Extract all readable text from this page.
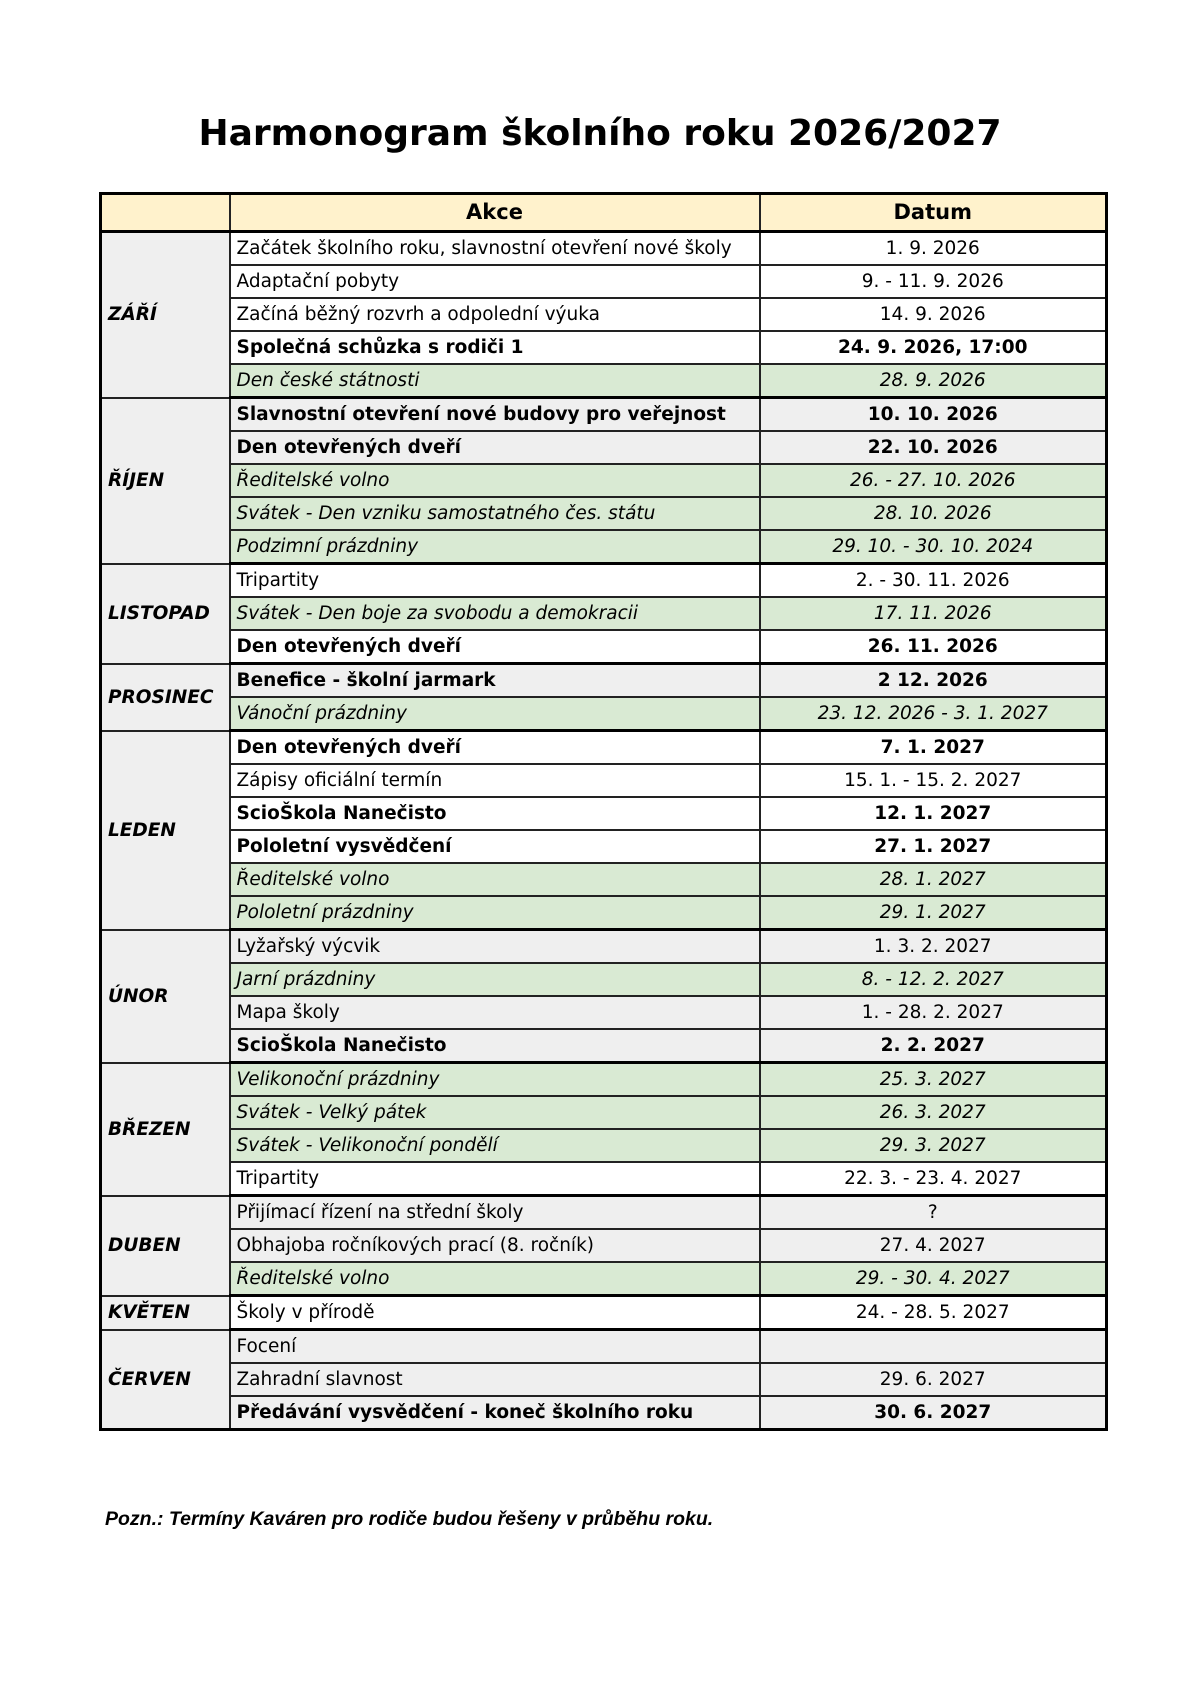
Harmonogram školního roku 2026/2027
	Akce	Datum
ZÁŘÍ	Začátek školního roku, slavnostní otevření nové školy	1. 9. 2026
	Adaptační pobyty	9. - 11. 9. 2026
	Začíná běžný rozvrh a odpolední výuka	14. 9. 2026
	Společná schůzka s rodiči 1	24. 9. 2026, 17:00
	Den české státnosti	28. 9. 2026
ŘÍJEN	Slavnostní otevření nové budovy pro veřejnost	10. 10. 2026
	Den otevřených dveří	22. 10. 2026
	Ředitelské volno	26. - 27. 10. 2026
	Svátek - Den vzniku samostatného čes. státu	28. 10. 2026
	Podzimní prázdniny	29. 10. - 30. 10. 2024
LISTOPAD	Tripartity	2. - 30. 11. 2026
	Svátek - Den boje za svobodu a demokracii	17. 11. 2026
	Den otevřených dveří	26. 11. 2026
PROSINEC	Benefice - školní jarmark	2 12. 2026
	Vánoční prázdniny	23. 12. 2026 - 3. 1. 2027
LEDEN	Den otevřených dveří	7. 1. 2027
	Zápisy oficiální termín	15. 1. - 15. 2. 2027
	ScioŠkola Nanečisto	12. 1. 2027
	Pololetní vysvědčení	27. 1. 2027
	Ředitelské volno	28. 1. 2027
	Pololetní prázdniny	29. 1. 2027
ÚNOR	Lyžařský výcvik	1. 3. 2. 2027
	Jarní prázdniny	8. - 12. 2. 2027
	Mapa školy	1. - 28. 2. 2027
	ScioŠkola Nanečisto	2. 2. 2027
BŘEZEN	Velikonoční prázdniny	25. 3. 2027
	Svátek - Velký pátek	26. 3. 2027
	Svátek - Velikonoční pondělí	29. 3. 2027
	Tripartity	22. 3. - 23. 4. 2027
DUBEN	Přijímací řízení na střední školy	?
	Obhajoba ročníkových prací (8. ročník)	27. 4. 2027
	Ředitelské volno	29. - 30. 4. 2027
KVĚTEN	Školy v přírodě	24. - 28. 5. 2027
ČERVEN	Focení	
	Zahradní slavnost	29. 6. 2027
	Předávání vysvědčení - koneč školního roku	30. 6. 2027
Pozn.: Termíny Kaváren pro rodiče budou řešeny v průběhu roku.
